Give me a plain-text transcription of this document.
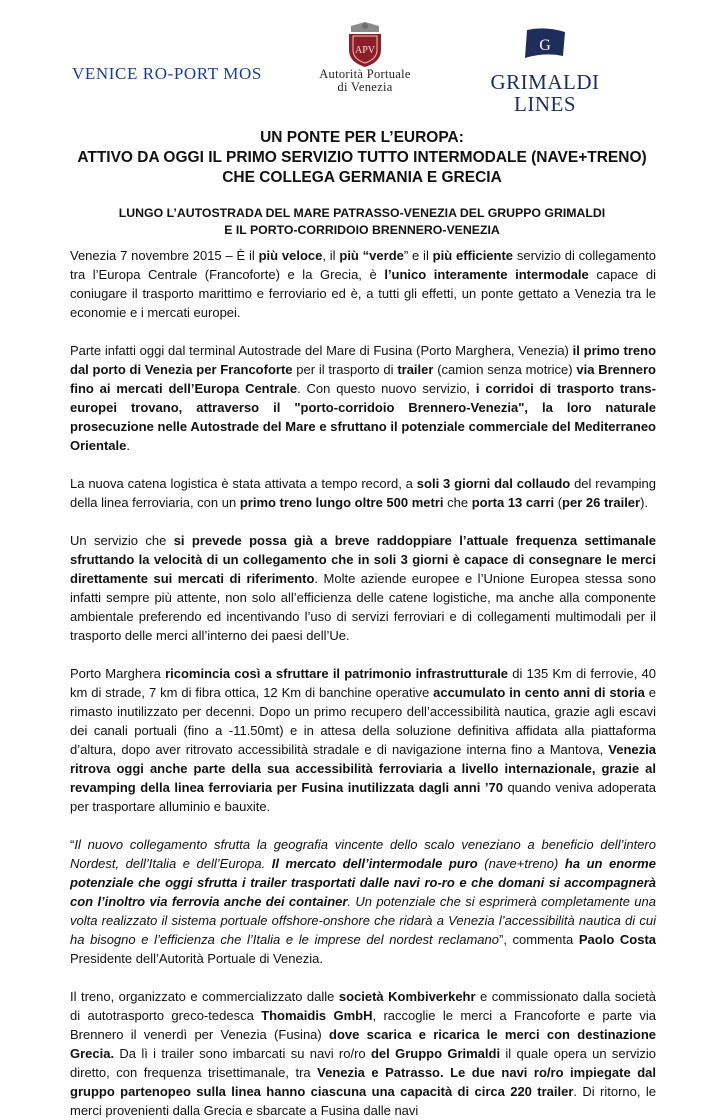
VENICE RO-PORT MOS
APV
Autorità Portuale
di Venezia
G
GRIMALDI LINES
UN PONTE PER L’EUROPA:
ATTIVO DA OGGI IL PRIMO SERVIZIO TUTTO INTERMODALE (NAVE+TRENO)
CHE COLLEGA GERMANIA E GRECIA
LUNGO L’AUTOSTRADA DEL MARE PATRASSO-VENEZIA DEL GRUPPO GRIMALDI
E IL PORTO-CORRIDOIO BRENNERO-VENEZIA

Venezia 7 novembre 2015 – È il più veloce, il più “verde” e il più efficiente servizio di collegamento tra l’Europa Centrale (Francoforte) e la Grecia, è l’unico interamente intermodale capace di coniugare il trasporto marittimo e ferroviario ed è, a tutti gli effetti, un ponte gettato a Venezia tra le economie e i mercati europei.

Parte infatti oggi dal terminal Autostrade del Mare di Fusina (Porto Marghera, Venezia) il primo treno dal porto di Venezia per Francoforte per il trasporto di trailer (camion senza motrice) via Brennero fino ai mercati dell’Europa Centrale. Con questo nuovo servizio, i corridoi di trasporto trans-europei trovano, attraverso il "porto-corridoio Brennero-Venezia", la loro naturale prosecuzione nelle Autostrade del Mare e sfruttano il potenziale commerciale del Mediterraneo Orientale.

La nuova catena logistica è stata attivata a tempo record, a soli 3 giorni dal collaudo del revamping della linea ferroviaria, con un primo treno lungo oltre 500 metri che porta 13 carri (per 26 trailer).

Un servizio che si prevede possa già a breve raddoppiare l’attuale frequenza settimanale sfruttando la velocità di un collegamento che in soli 3 giorni è capace di consegnare le merci direttamente sui mercati di riferimento. Molte aziende europee e l’Unione Europea stessa sono infatti sempre più attente, non solo all’efficienza delle catene logistiche, ma anche alla componente ambientale preferendo ed incentivando l’uso di servizi ferroviari e di collegamenti multimodali per il trasporto delle merci all’interno dei paesi dell’Ue.

Porto Marghera ricomincia così a sfruttare il patrimonio infrastrutturale di 135 Km di ferrovie, 40 km di strade, 7 km di fibra ottica, 12 Km di banchine operative accumulato in cento anni di storia e rimasto inutilizzato per decenni. Dopo un primo recupero dell’accessibilità nautica, grazie agli escavi dei canali portuali (fino a -11.50mt) e in attesa della soluzione definitiva affidata alla piattaforma d’altura, dopo aver ritrovato accessibilità stradale e di navigazione interna fino a Mantova, Venezia ritrova oggi anche parte della sua accessibilità ferroviaria a livello internazionale, grazie al revamping della linea ferroviaria per Fusina inutilizzata dagli anni ’70 quando veniva adoperata per trasportare alluminio e bauxite.

“Il nuovo collegamento sfrutta la geografia vincente dello scalo veneziano a beneficio dell’intero Nordest, dell’Italia e dell’Europa. Il mercato dell’intermodale puro (nave+treno) ha un enorme potenziale che oggi sfrutta i trailer trasportati dalle navi ro-ro e che domani si accompagnerà con l’inoltro via ferrovia anche dei container. Un potenziale che si esprimerà completamente una volta realizzato il sistema portuale offshore-onshore che ridarà a Venezia l’accessibilità nautica di cui ha bisogno e l’efficienza che l’Italia e le imprese del nordest reclamano”, commenta Paolo Costa Presidente dell’Autorità Portuale di Venezia.

Il treno, organizzato e commercializzato dalle società Kombiverkehr e commissionato dalla società di autotrasporto greco-tedesca Thomaidis GmbH, raccoglie le merci a Francoforte e parte via Brennero il venerdì per Venezia (Fusina) dove scarica e ricarica le merci con destinazione Grecia. Da lì i trailer sono imbarcati su navi ro/ro del Gruppo Grimaldi il quale opera un servizio diretto, con frequenza trisettimanale, tra Venezia e Patrasso. Le due navi ro/ro impiegate dal gruppo partenopeo sulla linea hanno ciascuna una capacità di circa 220 trailer. Di ritorno, le merci provenienti dalla Grecia e sbarcate a Fusina dalle navi
